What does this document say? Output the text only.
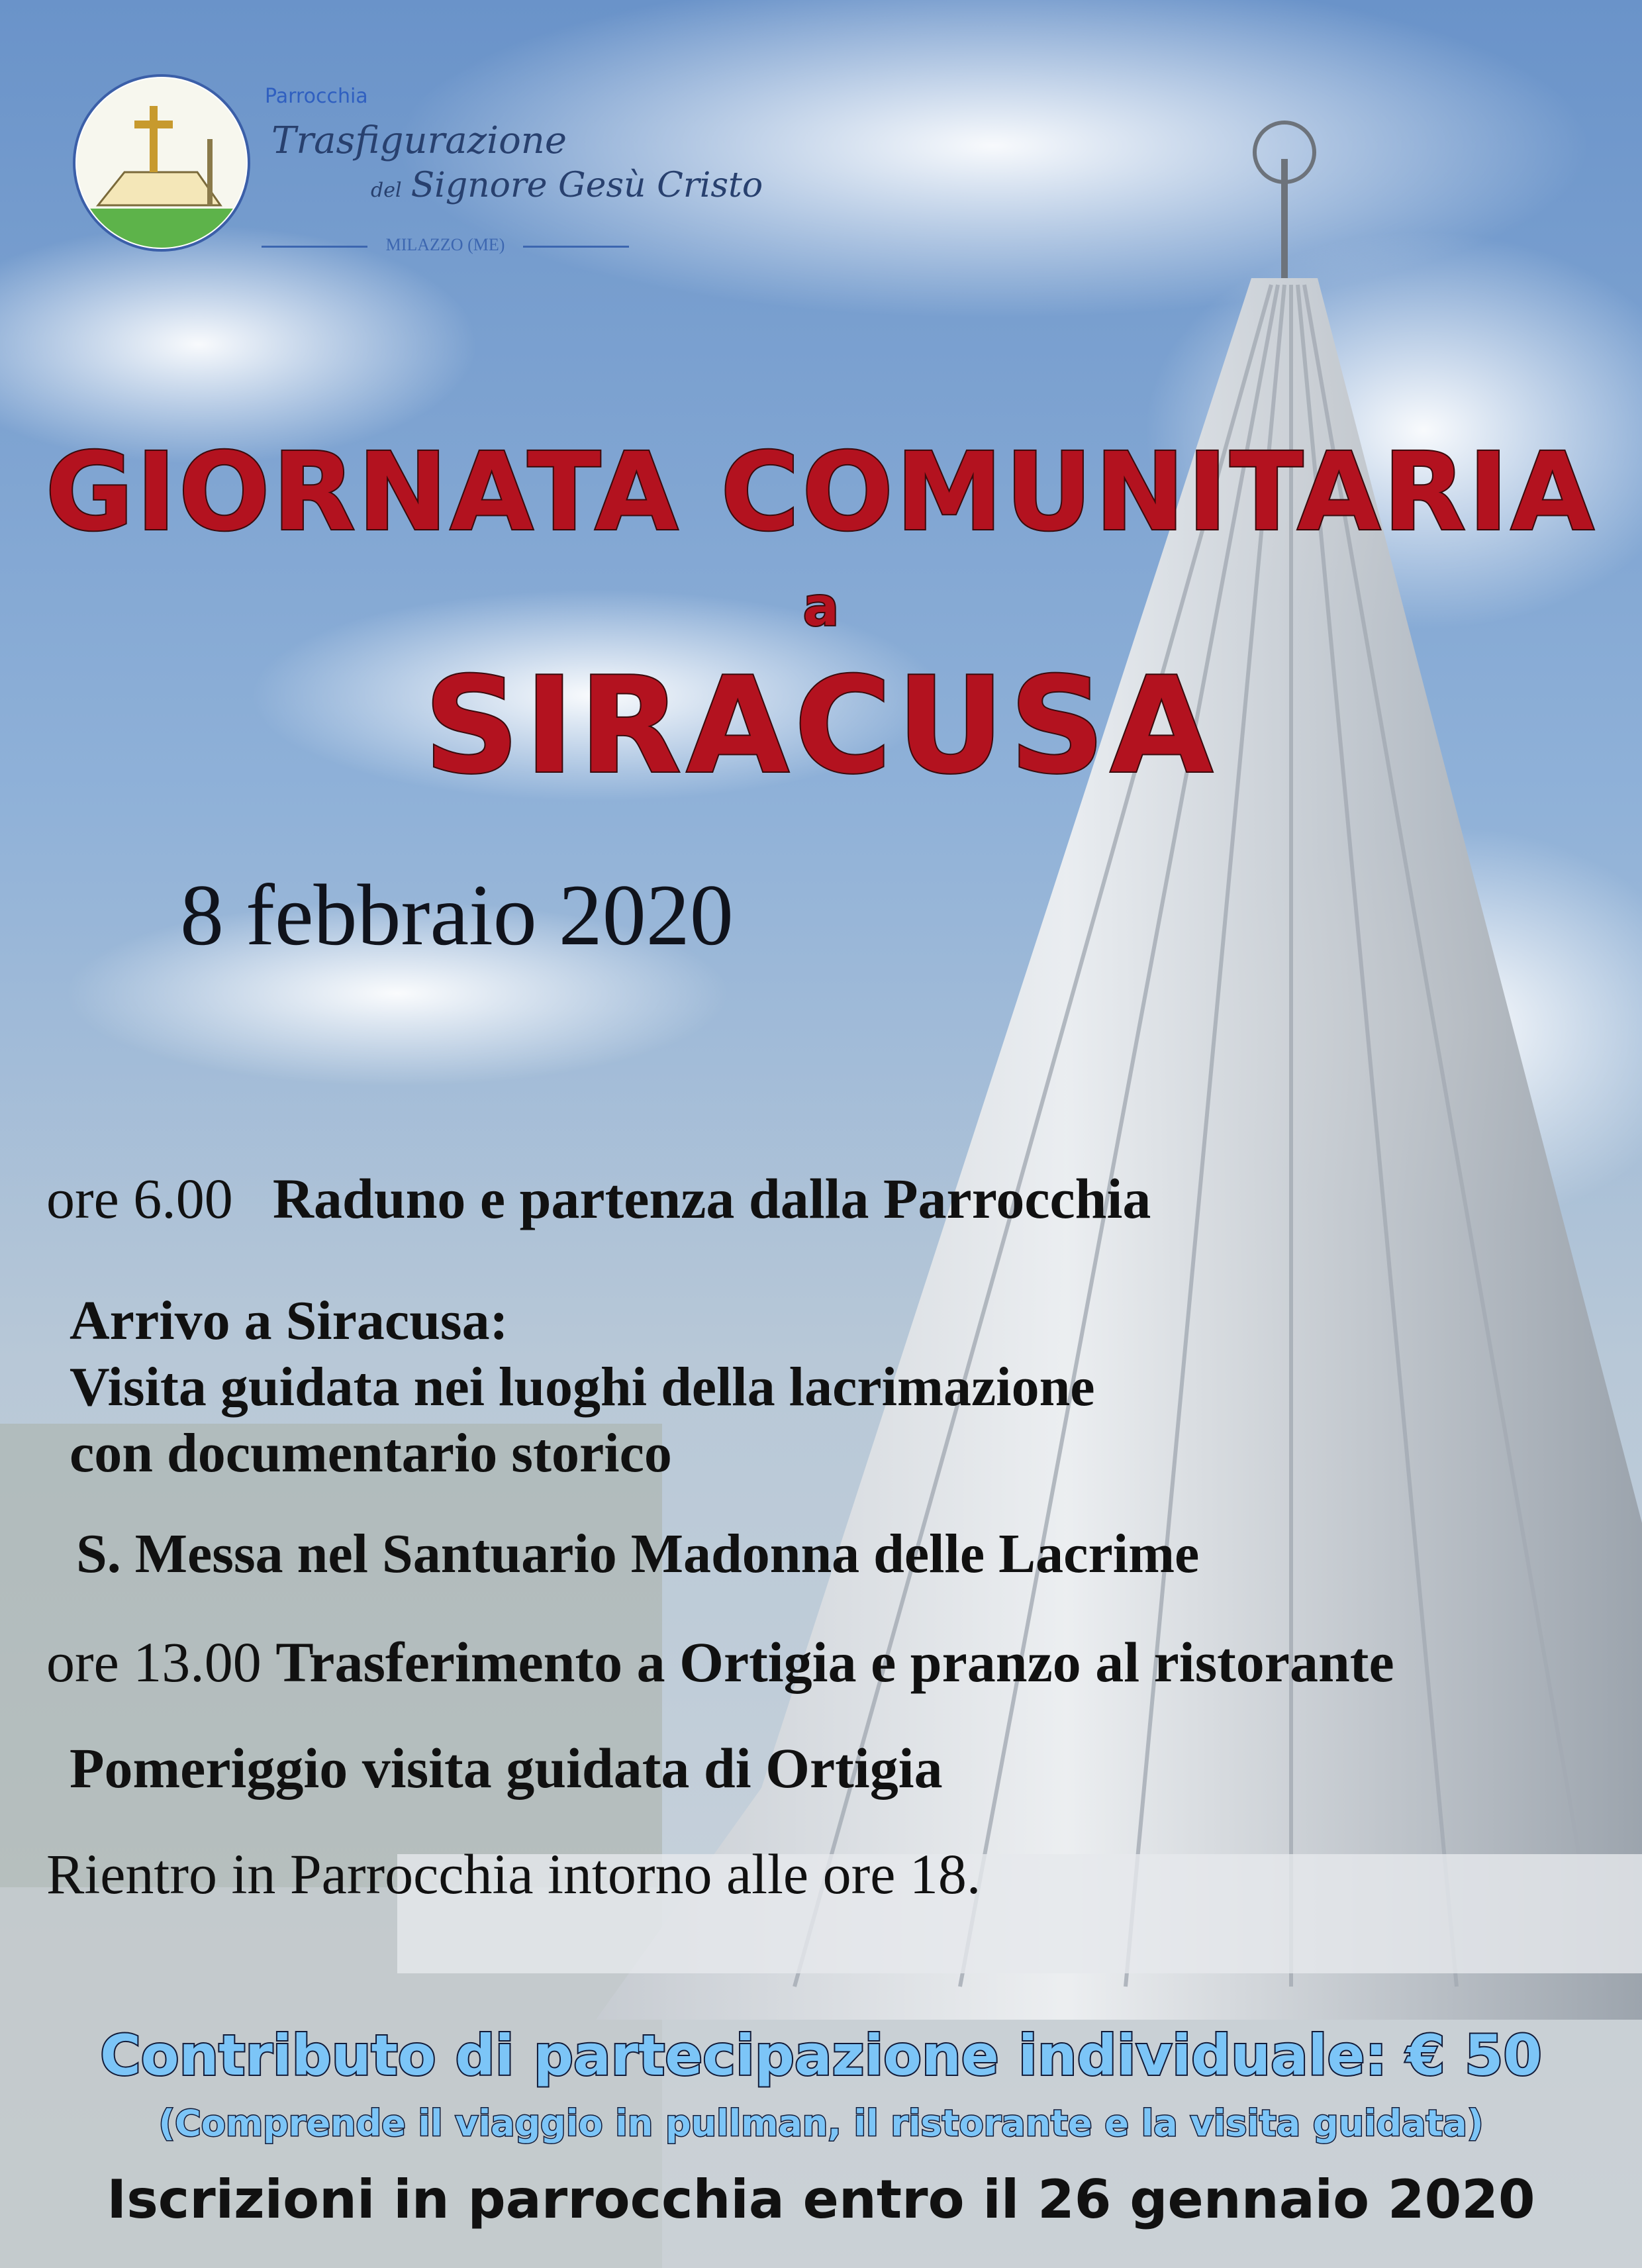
Parrocchia
Trasfigurazione
del Signore Gesù Cristo
MILAZZO (ME)
GIORNATA COMUNITARIA
a
SIRACUSA
8 febbraio 2020
ore 6.00 Raduno e partenza dalla Parrocchia
Arrivo a Siracusa:
Visita guidata nei luoghi della lacrimazione
con documentario storico
S. Messa nel Santuario Madonna delle Lacrime
ore 13.00 Trasferimento a Ortigia e pranzo al ristorante
Pomeriggio visita guidata di Ortigia
Rientro in Parrocchia intorno alle ore 18.
Contributo di partecipazione individuale: € 50
(Comprende il viaggio in pullman, il ristorante e la visita guidata)
Iscrizioni in parrocchia entro il 26 gennaio 2020
